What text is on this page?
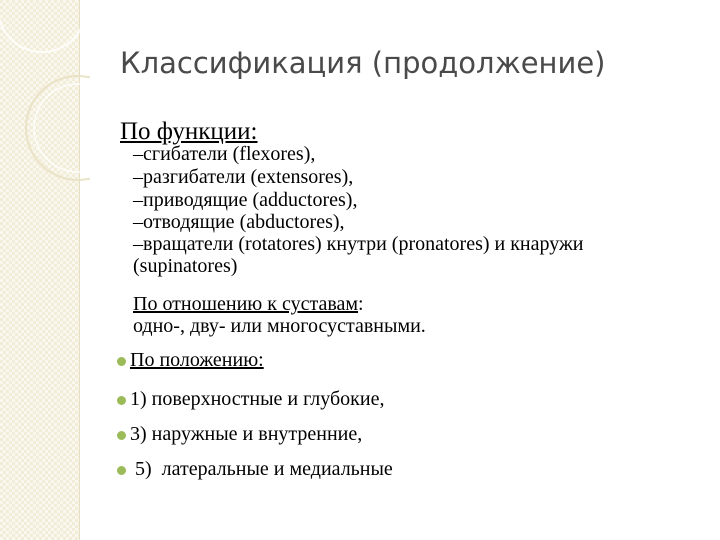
Классификация (продолжение)
По функции:
–сгибатели (flexores),
–разгибатели (extensores),
–приводящие (adductores),
–отводящие (abductores),
–вращатели (rotatores) кнутри (pronatores) и кнаружи
(supinatores)
По отношению к суставам:
одно-, дву- или многосуставными.
По положению:
1) поверхностные и глубокие,
3) наружные и внутренние,
5)  латеральные и медиальные
